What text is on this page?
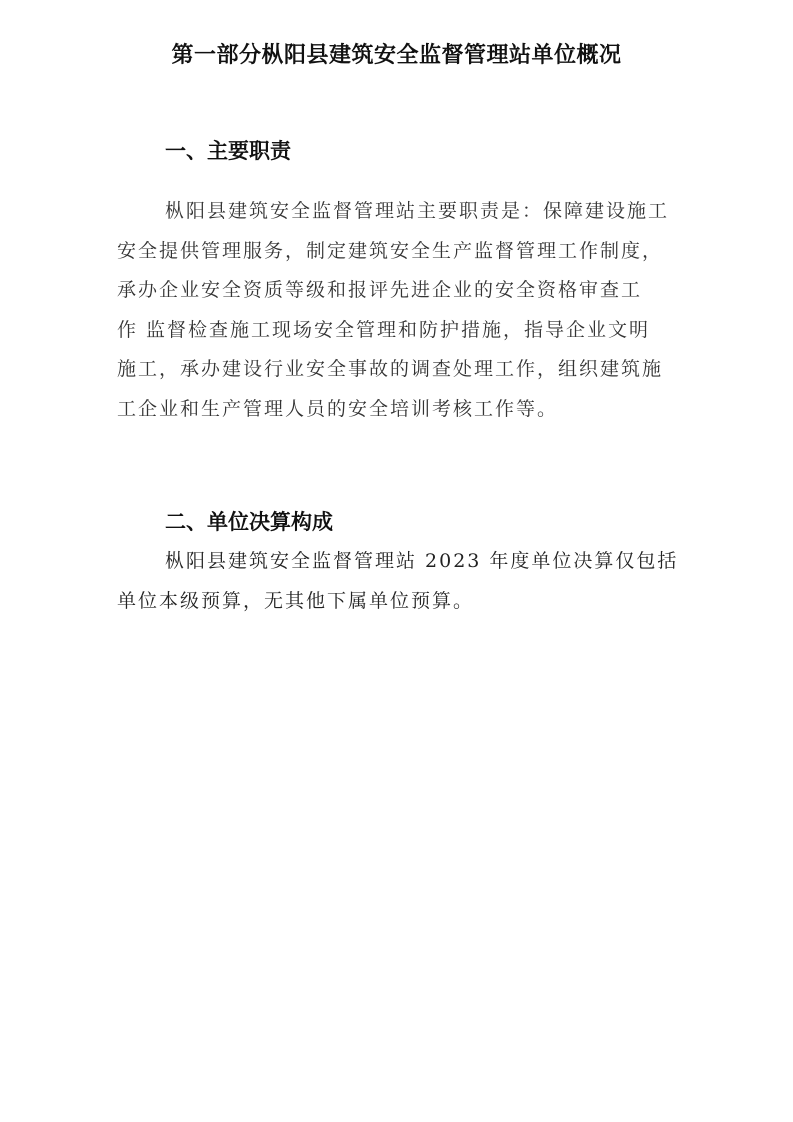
第一部分枞阳县建筑安全监督管理站单位概况
一、主要职责

枞阳县建筑安全监督管理站主要职责是：保障建设施工
安全提供管理服务，制定建筑安全生产监督管理工作制度，
承办企业安全资质等级和报评先进企业的安全资格审查工
作 监督检查施工现场安全管理和防护措施，指导企业文明
施工，承办建设行业安全事故的调查处理工作，组织建筑施
工企业和生产管理人员的安全培训考核工作等。

二、单位决算构成

枞阳县建筑安全监督管理站 2023 年度单位决算仅包括
单位本级预算，无其他下属单位预算。
